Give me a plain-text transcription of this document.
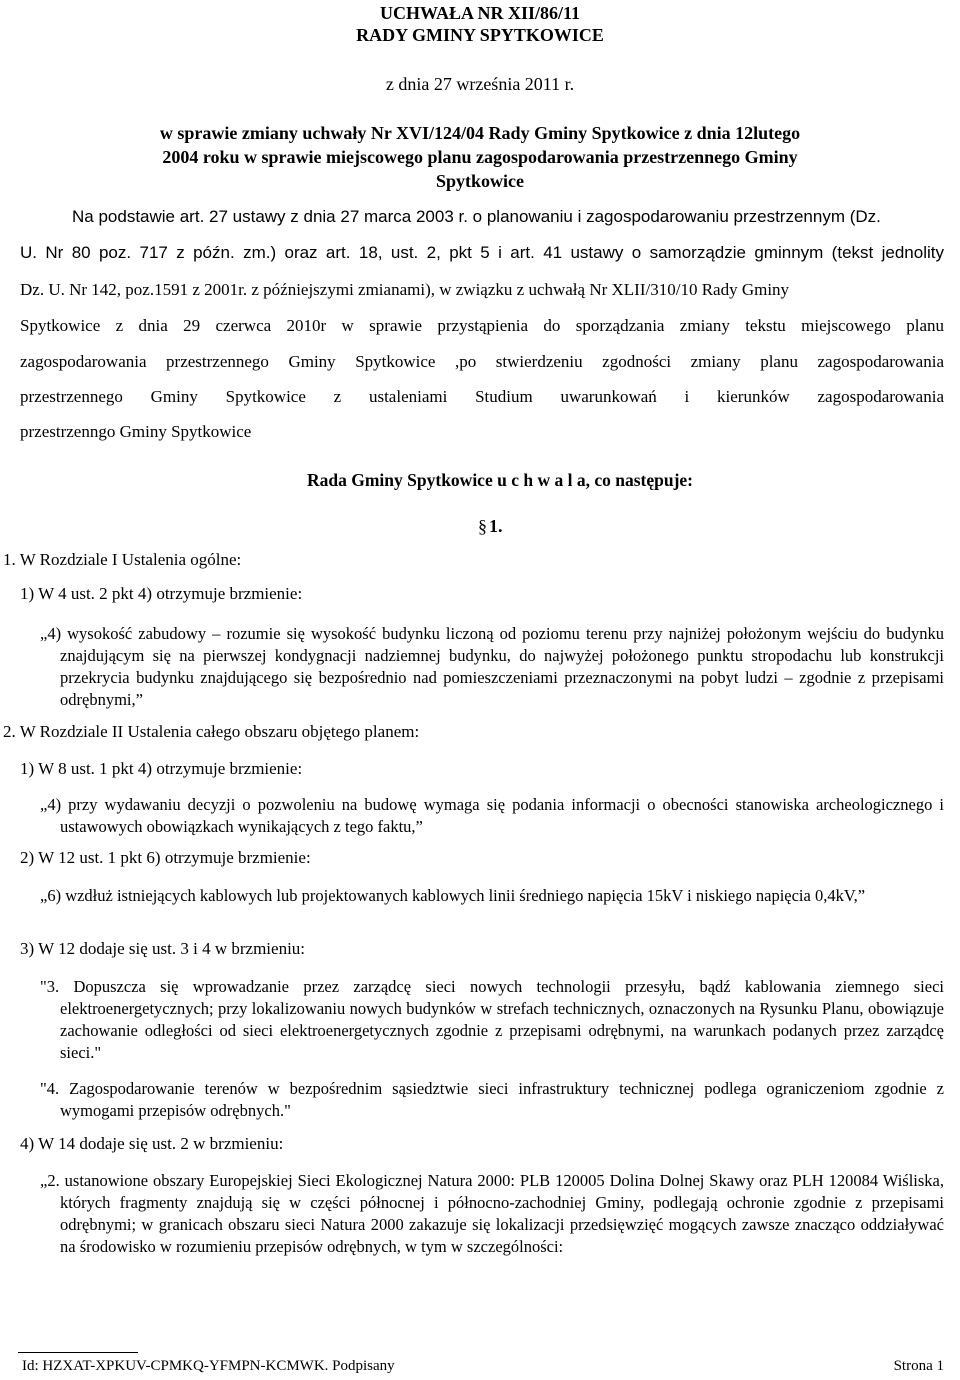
UCHWAŁA NR XII/86/11
RADY GMINY SPYTKOWICE
z dnia 27 września 2011 r.
w sprawie zmiany uchwały Nr XVI/124/04 Rady Gminy Spytkowice z dnia 12lutego 2004 roku w sprawie miejscowego planu zagospodarowania przestrzennego Gminy Spytkowice
Na podstawie art. 27 ustawy z dnia 27 marca 2003 r. o planowaniu i zagospodarowaniu przestrzennym (Dz.
U. Nr 80 poz. 717 z późn. zm.) oraz art. 18, ust. 2, pkt 5 i art. 41 ustawy o samorządzie gminnym (tekst jednolity
Dz. U. Nr 142, poz.1591 z 2001r. z późniejszymi zmianami), w związku z uchwałą Nr XLII/310/10 Rady Gminy
Spytkowice z dnia 29 czerwca 2010r w sprawie przystąpienia do sporządzania zmiany tekstu miejscowego planu
zagospodarowania przestrzennego Gminy Spytkowice ,po stwierdzeniu zgodności zmiany planu zagospodarowania
przestrzennego Gminy Spytkowice z ustaleniami Studium uwarunkowań i kierunków zagospodarowania
przestrzenngo Gminy Spytkowice
Rada Gminy Spytkowice u c h w a l a, co następuje:
§ 1.
1. W Rozdziale I Ustalenia ogólne:
1) W 4 ust. 2 pkt 4) otrzymuje brzmienie:
„4) wysokość zabudowy – rozumie się wysokość budynku liczoną od poziomu terenu przy najniżej położonym wejściu do budynku znajdującym się na pierwszej kondygnacji nadziemnej budynku, do najwyżej położonego punktu stropodachu lub konstrukcji przekrycia budynku znajdującego się bezpośrednio nad pomieszczeniami przeznaczonymi na pobyt ludzi – zgodnie z przepisami odrębnymi,”
2. W Rozdziale II Ustalenia całego obszaru objętego planem:
1) W 8 ust. 1 pkt 4) otrzymuje brzmienie:
„4) przy wydawaniu decyzji o pozwoleniu na budowę wymaga się podania informacji o obecności stanowiska archeologicznego i ustawowych obowiązkach wynikających z tego faktu,”
2) W 12 ust. 1 pkt 6) otrzymuje brzmienie:
„6) wzdłuż istniejących kablowych lub projektowanych kablowych linii średniego napięcia 15kV i niskiego napięcia 0,4kV,”
3) W 12 dodaje się ust. 3 i 4 w brzmieniu:
"3. Dopuszcza się wprowadzanie przez zarządcę sieci nowych technologii przesyłu, bądź kablowania ziemnego sieci elektroenergetycznych; przy lokalizowaniu nowych budynków w strefach technicznych, oznaczonych na Rysunku Planu, obowiązuje zachowanie odległości od sieci elektroenergetycznych zgodnie z przepisami odrębnymi, na warunkach podanych przez zarządcę sieci."
"4. Zagospodarowanie terenów w bezpośrednim sąsiedztwie sieci infrastruktury technicznej podlega ograniczeniom zgodnie z wymogami przepisów odrębnych."
4) W 14 dodaje się ust. 2 w brzmieniu:
„2. ustanowione obszary Europejskiej Sieci Ekologicznej Natura 2000: PLB 120005 Dolina Dolnej Skawy oraz PLH 120084 Wiśliska, których fragmenty znajdują się w części północnej i północno-zachodniej Gminy, podlegają ochronie zgodnie z przepisami odrębnymi; w granicach obszaru sieci Natura 2000 zakazuje się lokalizacji przedsięwzięć mogących zawsze znacząco oddziaływać na środowisko w rozumieniu przepisów odrębnych, w tym w szczególności:
Id: HZXAT-XPKUV-CPMKQ-YFMPN-KCMWK. Podpisany	Strona 1
